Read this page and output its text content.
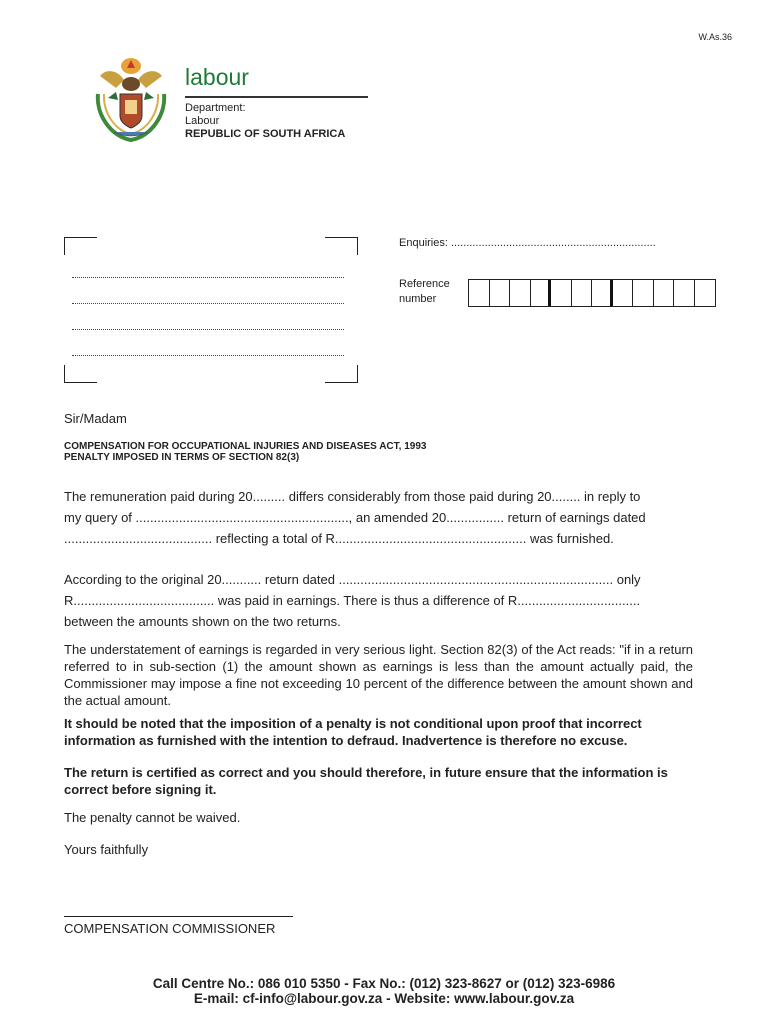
W.As.36
labour
Department:
Labour
REPUBLIC OF SOUTH AFRICA
Enquiries: ...................................................................
Reference
number
Sir/Madam
COMPENSATION FOR OCCUPATIONAL INJURIES AND DISEASES ACT, 1993
PENALTY IMPOSED IN TERMS OF SECTION 82(3)
The remuneration paid during 20......... differs considerably from those paid during 20........ in reply to
my query of ..........................................................., an amended 20................ return of earnings dated
......................................... reflecting a total of R..................................................... was furnished.
According to the original 20........... return dated ............................................................................ only
R....................................... was paid in earnings. There is thus a difference of R..................................
between the amounts shown on the two returns.
The understatement of earnings is regarded in very serious light. Section 82(3) of the Act reads: "if in a return referred to in sub-section (1) the amount shown as earnings is less than the amount actually paid, the Commissioner may impose a fine not exceeding 10 percent of the difference between the amount shown and the actual amount.
It should be noted that the imposition of a penalty is not conditional upon proof that incorrect information as furnished with the intention to defraud. Inadvertence is therefore no excuse.
The return is certified as correct and you should therefore, in future ensure that the information is correct before signing it.
The penalty cannot be waived.
Yours faithfully
COMPENSATION COMMISSIONER
Call Centre No.: 086 010 5350 - Fax No.: (012) 323-8627 or (012) 323-6986
E-mail: cf-info@labour.gov.za - Website: www.labour.gov.za
